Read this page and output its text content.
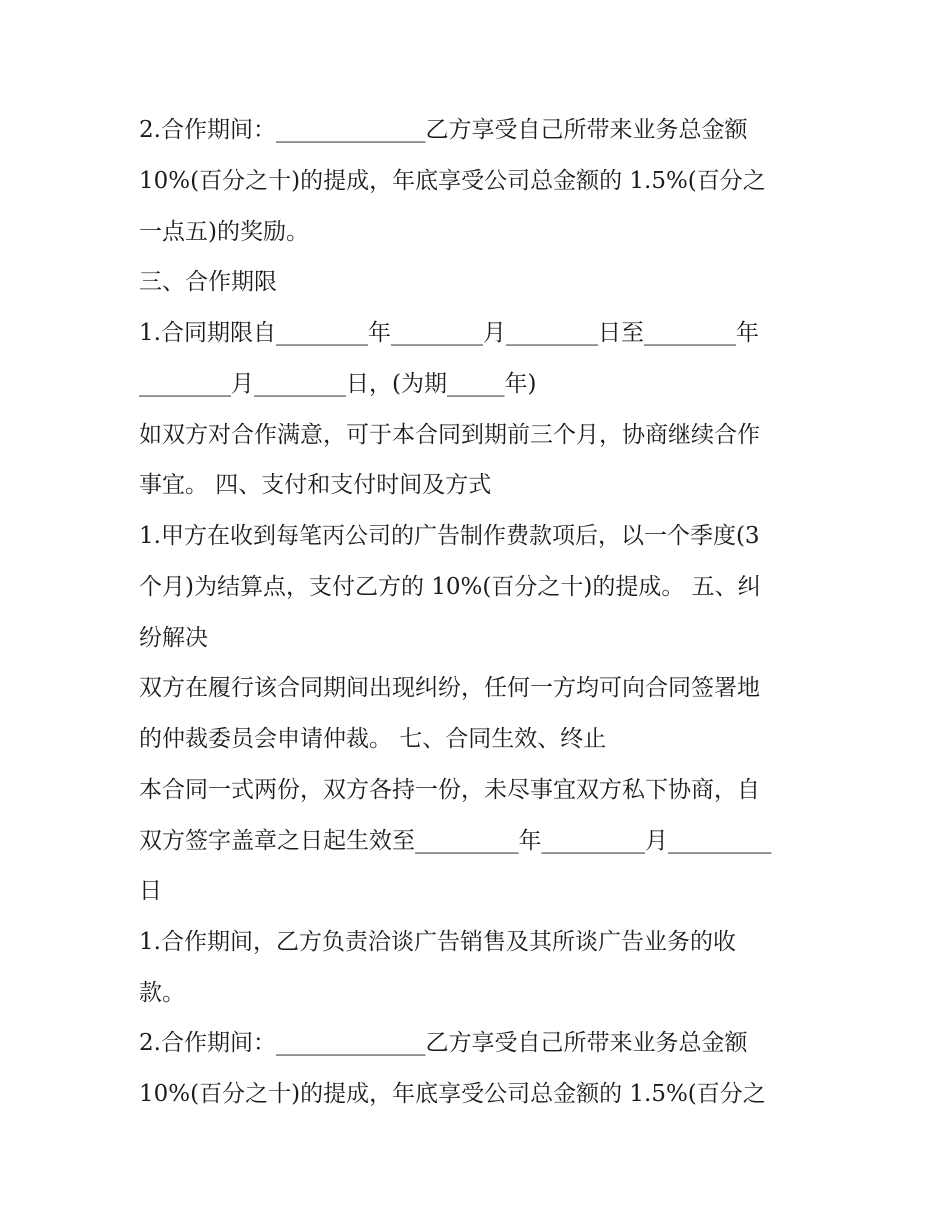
2.合作期间：_____________乙方享受自己所带来业务总金额
10%(百分之十)的提成，年底享受公司总金额的 1.5%(百分之
一点五)的奖励。
三、合作期限
1.合同期限自________年________月________日至________年
________月________日，(为期_____年)
如双方对合作满意，可于本合同到期前三个月，协商继续合作
事宜。 四、支付和支付时间及方式
1.甲方在收到每笔丙公司的广告制作费款项后，以一个季度(3
个月)为结算点，支付乙方的 10%(百分之十)的提成。 五、纠
纷解决
双方在履行该合同期间出现纠纷，任何一方均可向合同签署地
的仲裁委员会申请仲裁。 七、合同生效、终止
本合同一式两份，双方各持一份，未尽事宜双方私下协商，自
双方签字盖章之日起生效至_________年_________月_________
日
1.合作期间，乙方负责洽谈广告销售及其所谈广告业务的收
款。
2.合作期间：_____________乙方享受自己所带来业务总金额
10%(百分之十)的提成，年底享受公司总金额的 1.5%(百分之
